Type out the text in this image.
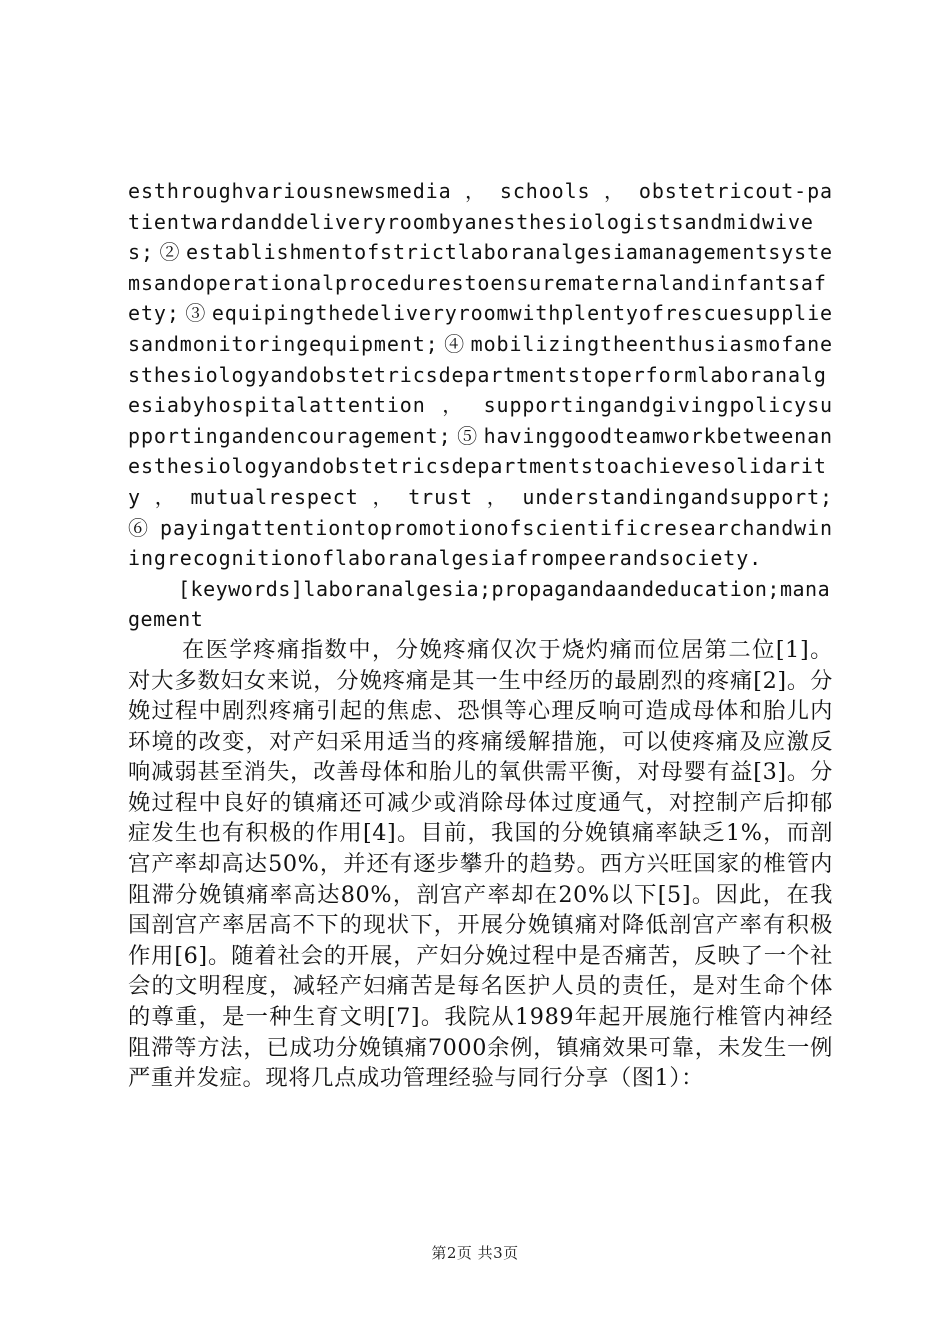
esthroughvariousnewsmedia ， schools ， obstetricout-patientwardanddeliveryroombyanesthesiologistsandmidwives;②establishmentofstrictlaboranalgesiamanagementsystemsandoperationalprocedurestoensurematernalandinfantsafety;③equipingthedeliveryroomwithplentyofrescuesuppliesandmonitoringequipment;④mobilizingtheenthusiasmofanesthesiologyandobstetricsdepartmentstoperformlaboranalgesiabyhospitalattention ， supportingandgivingpolicysupportingandencouragement;⑤havinggoodteamworkbetweenanesthesiologyandobstetricsdepartmentstoachievesolidarity ， mutualrespect ， trust ， understandingandsupport;⑥payingattentiontopromotionofscientificresearchandwiningrecognitionoflaboranalgesiafrompeerandsociety.

[keywords]laboranalgesia;propagandaandeducation;management

在医学疼痛指数中，分娩疼痛仅次于烧灼痛而位居第二位[1]。对大多数妇女来说，分娩疼痛是其一生中经历的最剧烈的疼痛[2]。分娩过程中剧烈疼痛引起的焦虑、恐惧等心理反响可造成母体和胎儿内环境的改变，对产妇采用适当的疼痛缓解措施，可以使疼痛及应激反响减弱甚至消失，改善母体和胎儿的氧供需平衡，对母婴有益[3]。分娩过程中良好的镇痛还可减少或消除母体过度通气，对控制产后抑郁症发生也有积极的作用[4]。目前，我国的分娩镇痛率缺乏1%，而剖宫产率却高达50%，并还有逐步攀升的趋势。西方兴旺国家的椎管内阻滞分娩镇痛率高达80%，剖宫产率却在20%以下[5]。因此，在我国剖宫产率居高不下的现状下，开展分娩镇痛对降低剖宫产率有积极作用[6]。随着社会的开展，产妇分娩过程中是否痛苦，反映了一个社会的文明程度，减轻产妇痛苦是每名医护人员的责任，是对生命个体的尊重，是一种生育文明[7]。我院从1989年起开展施行椎管内神经阻滞等方法，已成功分娩镇痛7000余例，镇痛效果可靠，未发生一例严重并发症。现将几点成功管理经验与同行分享（图1）：

第2页 共3页
